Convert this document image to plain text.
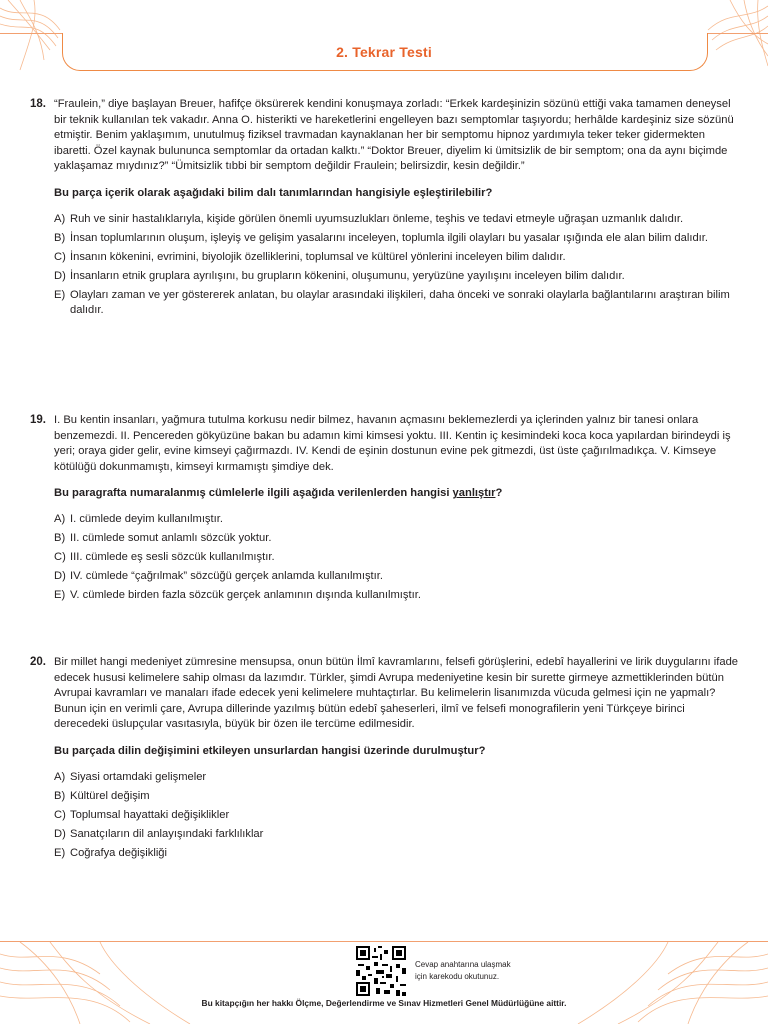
2. Tekrar Testi
18. “Fraulein,” diye başlayan Breuer, hafifçe öksürerek kendini konuşmaya zorladı: “Erkek kardeşinizin sözünü ettiği vaka tamamen deneysel bir teknik kullanılan tek vakadır. Anna O. histerikti ve hareketlerini engelleyen bazı semptomlar taşıyordu; herhâlde kardeşiniz size sözünü etmiştir. Benim yaklaşımım, unutulmuş fiziksel travmadan kaynaklanan her bir semptomu hipnoz yardımıyla teker teker gidermekten ibaretti. Özel kaynak bulununca semptomlar da ortadan kalktı.” “Doktor Breuer, diyelim ki ümitsizlik de bir semptom; ona da aynı biçimde yaklaşamaz mıydınız?” “Ümitsizlik tıbbi bir semptom değildir Fraulein; belirsizdir, kesin değildir.”

Bu parça içerik olarak aşağıdaki bilim dalı tanımlarından hangisiyle eşleştirilebilir?

A) Ruh ve sinir hastalıklarıyla, kişide görülen önemli uyumsuzlukları önleme, teşhis ve tedavi etmeyle uğraşan uzmanlık dalıdır.
B) İnsan toplumlarının oluşum, işleyiş ve gelişim yasalarını inceleyen, toplumla ilgili olayları bu yasalar ışığında ele alan bilim dalıdır.
C) İnsanın kökenini, evrimini, biyolojik özelliklerini, toplumsal ve kültürel yönlerini inceleyen bilim dalıdır.
D) İnsanların etnik gruplara ayrılışını, bu grupların kökenini, oluşumunu, yeryüzüne yayılışını inceleyen bilim dalıdır.
E) Olayları zaman ve yer göstererek anlatan, bu olaylar arasındaki ilişkileri, daha önceki ve sonraki olaylarla bağlantılarını araştıran bilim dalıdır.
19. I. Bu kentin insanları, yağmura tutulma korkusu nedir bilmez, havanın açmasını beklemezlerdi ya içlerinden yalnız bir tanesi onlara benzemezdi. II. Pencereden gökyüzüne bakan bu adamın kimi kimsesi yoktu. III. Kentin iç kesimindeki koca koca yapılardan birindeydi iş yeri; oraya gider gelir, evine kimseyi çağırmazdı. IV. Kendi de eşinin dostunun evine pek gitmezdi, üst üste çağırılmadıkça. V. Kimseye kötülüğü dokunmamıştı, kimseyi kırmamıştı şimdiye dek.

Bu paragrafta numaralanmış cümlelerle ilgili aşağıda verilenlerden hangisi yanlıştır?

A) I. cümlede deyim kullanılmıştır.
B) II. cümlede somut anlamlı sözcük yoktur.
C) III. cümlede eş sesli sözcük kullanılmıştır.
D) IV. cümlede “çağrılmak” sözcüğü gerçek anlamda kullanılmıştır.
E) V. cümlede birden fazla sözcük gerçek anlamının dışında kullanılmıştır.
20. Bir millet hangi medeniyet zümresine mensupsa, onun bütün İlmî kavramlarını, felsefi görüşlerini, edebî hayallerini ve lirik duygularını ifade edecek hususi kelimelere sahip olması da lazımdır. Türkler, şimdi Avrupa medeniyetine kesin bir surette girmeye azmettiklerinden bütün Avrupai kavramları ve manaları ifade edecek yeni kelimelere muhtaçtırlar. Bu kelimelerin lisanımızda vücuda gelmesi için ne yapmalı? Bunun için en verimli çare, Avrupa dillerinde yazılmış bütün edebî şaheserleri, ilmî ve felsefi monografilerin yeni Türkçeye birinci derecedeki üslupçular vasıtasıyla, büyük bir özen ile tercüme edilmesidir.

Bu parçada dilin değişimini etkileyen unsurlardan hangisi üzerinde durulmuştur?

A) Siyasi ortamdaki gelişmeler
B) Kültürel değişim
C) Toplumsal hayattaki değişiklikler
D) Sanatçıların dil anlayışındaki farklılıklar
E) Coğrafya değişikliği
Cevap anahtarına ulaşmak
için karekodu okutunuz.
Bu kitapçığın her hakkı Ölçme, Değerlendirme ve Sınav Hizmetleri Genel Müdürlüğüne aittir.
